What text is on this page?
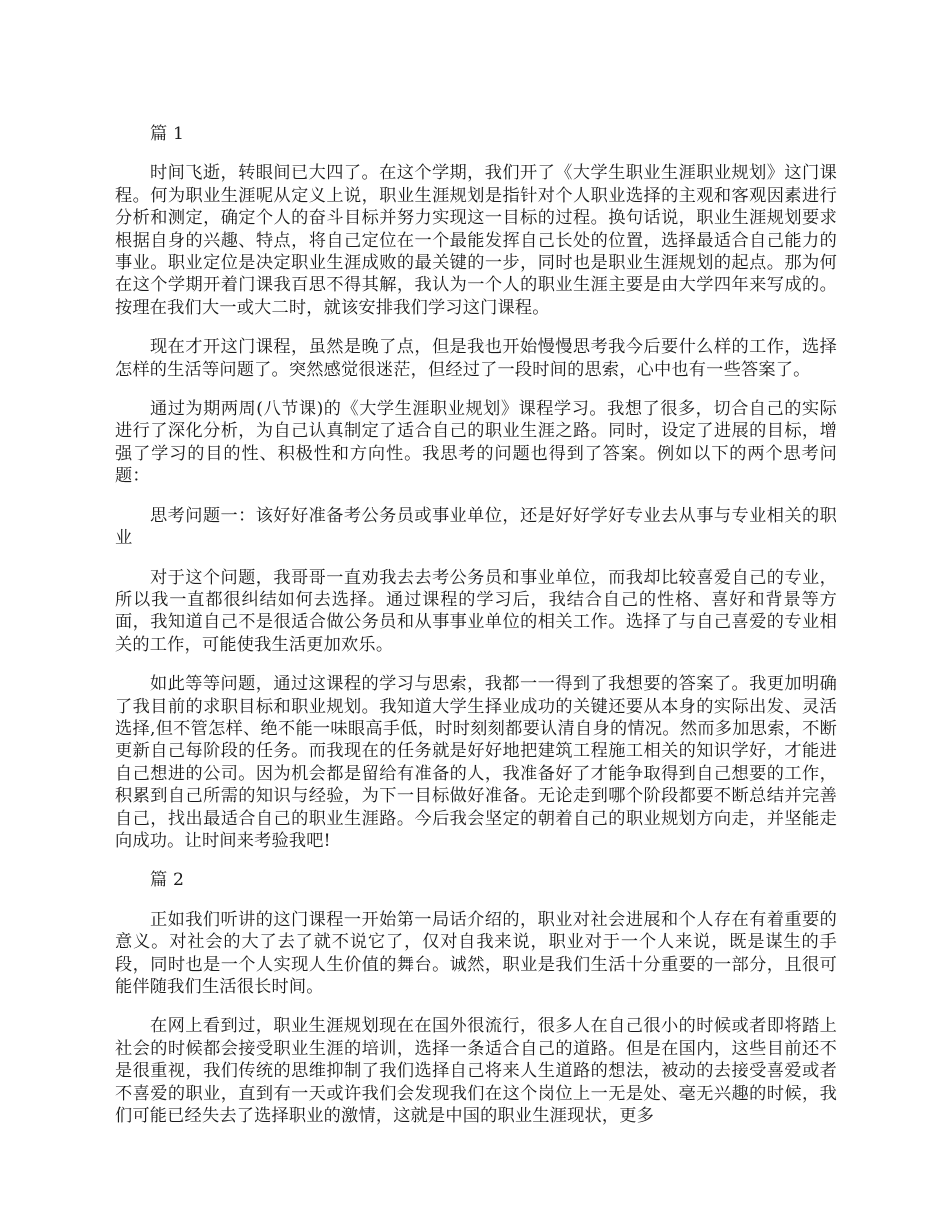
篇 1

时间飞逝，转眼间已大四了。在这个学期，我们开了《大学生职业生涯职业规划》这门课程。何为职业生涯呢从定义上说，职业生涯规划是指针对个人职业选择的主观和客观因素进行分析和测定，确定个人的奋斗目标并努力实现这一目标的过程。换句话说，职业生涯规划要求根据自身的兴趣、特点，将自己定位在一个最能发挥自己长处的位置，选择最适合自己能力的事业。职业定位是决定职业生涯成败的最关键的一步，同时也是职业生涯规划的起点。那为何在这个学期开着门课我百思不得其解，我认为一个人的职业生涯主要是由大学四年来写成的。按理在我们大一或大二时，就该安排我们学习这门课程。

现在才开这门课程，虽然是晚了点，但是我也开始慢慢思考我今后要什么样的工作，选择怎样的生活等问题了。突然感觉很迷茫，但经过了一段时间的思索，心中也有一些答案了。

通过为期两周(八节课)的《大学生涯职业规划》课程学习。我想了很多，切合自己的实际进行了深化分析，为自己认真制定了适合自己的职业生涯之路。同时，设定了进展的目标，增强了学习的目的性、积极性和方向性。我思考的问题也得到了答案。例如以下的两个思考问题：

思考问题一：该好好准备考公务员或事业单位，还是好好学好专业去从事与专业相关的职业

对于这个问题，我哥哥一直劝我去去考公务员和事业单位，而我却比较喜爱自己的专业，所以我一直都很纠结如何去选择。通过课程的学习后，我结合自己的性格、喜好和背景等方面，我知道自己不是很适合做公务员和从事事业单位的相关工作。选择了与自己喜爱的专业相关的工作，可能使我生活更加欢乐。

如此等等问题，通过这课程的学习与思索，我都一一得到了我想要的答案了。我更加明确了我目前的求职目标和职业规划。我知道大学生择业成功的关键还要从本身的实际出发、灵活选择,但不管怎样、绝不能一味眼高手低，时时刻刻都要认清自身的情况。然而多加思索，不断更新自己每阶段的任务。而我现在的任务就是好好地把建筑工程施工相关的知识学好，才能进自己想进的公司。因为机会都是留给有准备的人，我准备好了才能争取得到自己想要的工作，积累到自己所需的知识与经验，为下一目标做好准备。无论走到哪个阶段都要不断总结并完善自己，找出最适合自己的职业生涯路。今后我会坚定的朝着自己的职业规划方向走，并坚能走向成功。让时间来考验我吧!

篇 2

正如我们听讲的这门课程一开始第一局话介绍的，职业对社会进展和个人存在有着重要的意义。对社会的大了去了就不说它了，仅对自我来说，职业对于一个人来说，既是谋生的手段，同时也是一个人实现人生价值的舞台。诚然，职业是我们生活十分重要的一部分，且很可能伴随我们生活很长时间。

在网上看到过，职业生涯规划现在在国外很流行，很多人在自己很小的时候或者即将踏上社会的时候都会接受职业生涯的培训，选择一条适合自己的道路。但是在国内，这些目前还不是很重视，我们传统的思维抑制了我们选择自己将来人生道路的想法，被动的去接受喜爱或者不喜爱的职业，直到有一天或许我们会发现我们在这个岗位上一无是处、毫无兴趣的时候，我们可能已经失去了选择职业的激情，这就是中国的职业生涯现状，更多
